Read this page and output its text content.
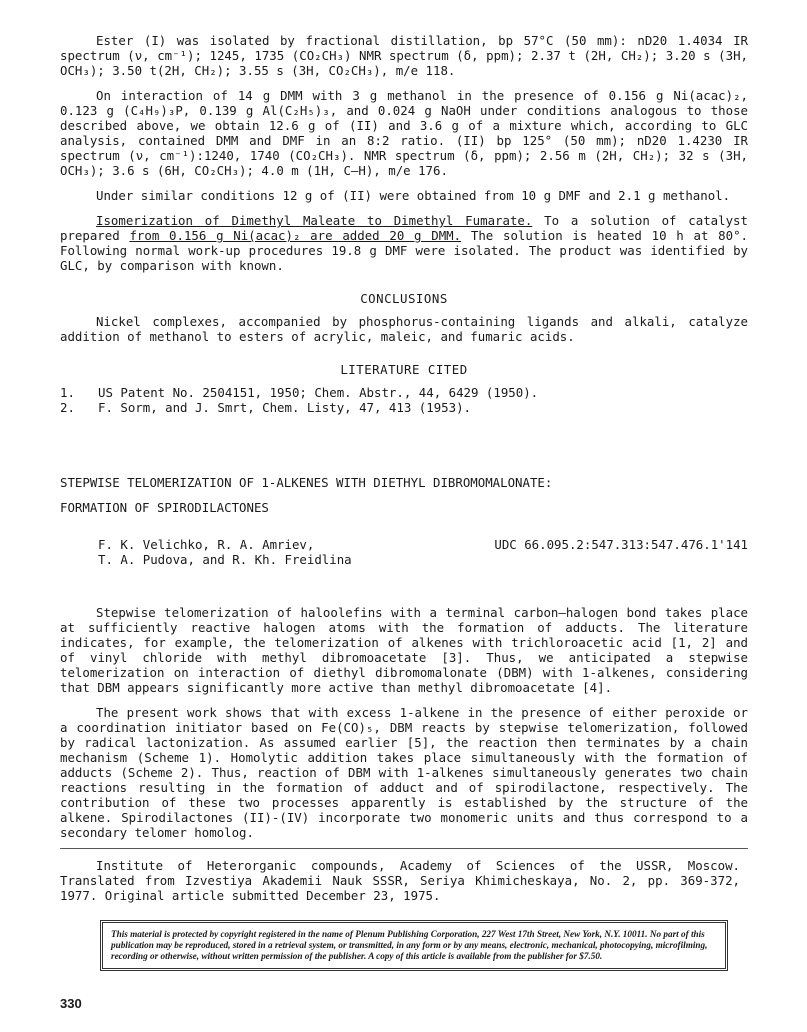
Ester (I) was isolated by fractional distillation, bp 57°C (50 mm): nD20 1.4034 IR spectrum (ν, cm⁻¹); 1245, 1735 (CO₂CH₃) NMR spectrum (δ, ppm); 2.37 t (2H, CH₂); 3.20 s (3H, OCH₃); 3.50 t(2H, CH₂); 3.55 s (3H, CO₂CH₃), m/e 118.

On interaction of 14 g DMM with 3 g methanol in the presence of 0.156 g Ni(acac)₂, 0.123 g (C₄H₉)₃P, 0.139 g Al(C₂H₅)₃, and 0.024 g NaOH under conditions analogous to those described above, we obtain 12.6 g of (II) and 3.6 g of a mixture which, according to GLC analysis, contained DMM and DMF in an 8:2 ratio. (II) bp 125° (50 mm); nD20 1.4230 IR spectrum (ν, cm⁻¹):1240, 1740 (CO₂CH₃). NMR spectrum (δ, ppm); 2.56 m (2H, CH₂); 32 s (3H, OCH₃); 3.6 s (6H, CO₂CH₃); 4.0 m (1H, C—H), m/e 176.

Under similar conditions 12 g of (II) were obtained from 10 g DMF and 2.1 g methanol.

Isomerization of Dimethyl Maleate to Dimethyl Fumarate. To a solution of catalyst prepared from 0.156 g Ni(acac)₂ are added 20 g DMM. The solution is heated 10 h at 80°. Following normal work-up procedures 19.8 g DMF were isolated. The product was identified by GLC, by comparison with known.

CONCLUSIONS

Nickel complexes, accompanied by phosphorus-containing ligands and alkali, catalyze addition of methanol to esters of acrylic, maleic, and fumaric acids.

LITERATURE CITED
1.	US Patent No. 2504151, 1950; Chem. Abstr., 44, 6429 (1950).
2.	F. Sorm, and J. Smrt, Chem. Listy, 47, 413 (1953).
STEPWISE TELOMERIZATION OF 1-ALKENES WITH DIETHYL DIBROMOMALONATE:
FORMATION OF SPIRODILACTONES
F. K. Velichko, R. A. Amriev,
T. A. Pudova, and R. Kh. Freidlina
UDC 66.095.2:547.313:547.476.1'141

Stepwise telomerization of haloolefins with a terminal carbon—halogen bond takes place at sufficiently reactive halogen atoms with the formation of adducts. The literature indicates, for example, the telomerization of alkenes with trichloroacetic acid [1, 2] and of vinyl chloride with methyl dibromoacetate [3]. Thus, we anticipated a stepwise telomerization on interaction of diethyl dibromomalonate (DBM) with 1-alkenes, considering that DBM appears significantly more active than methyl dibromoacetate [4].

The present work shows that with excess 1-alkene in the presence of either peroxide or a coordination initiator based on Fe(CO)₅, DBM reacts by stepwise telomerization, followed by radical lactonization. As assumed earlier [5], the reaction then terminates by a chain mechanism (Scheme 1). Homolytic addition takes place simultaneously with the formation of adducts (Scheme 2). Thus, reaction of DBM with 1-alkenes simultaneously generates two chain reactions resulting in the formation of adduct and of spirodilactone, respectively. The contribution of these two processes apparently is established by the structure of the alkene. Spirodilactones (II)-(IV) incorporate two monomeric units and thus correspond to a secondary telomer homolog.

Institute of Heterorganic compounds, Academy of Sciences of the USSR, Moscow. Translated from Izvestiya Akademii Nauk SSSR, Seriya Khimicheskaya, No. 2, pp. 369-372, 1977. Original article submitted December 23, 1975.

This material is protected by copyright registered in the name of Plenum Publishing Corporation, 227 West 17th Street, New York, N.Y. 10011. No part of this publication may be reproduced, stored in a retrieval system, or transmitted, in any form or by any means, electronic, mechanical, photocopying, microfilming, recording or otherwise, without written permission of the publisher. A copy of this article is available from the publisher for $7.50.
330
